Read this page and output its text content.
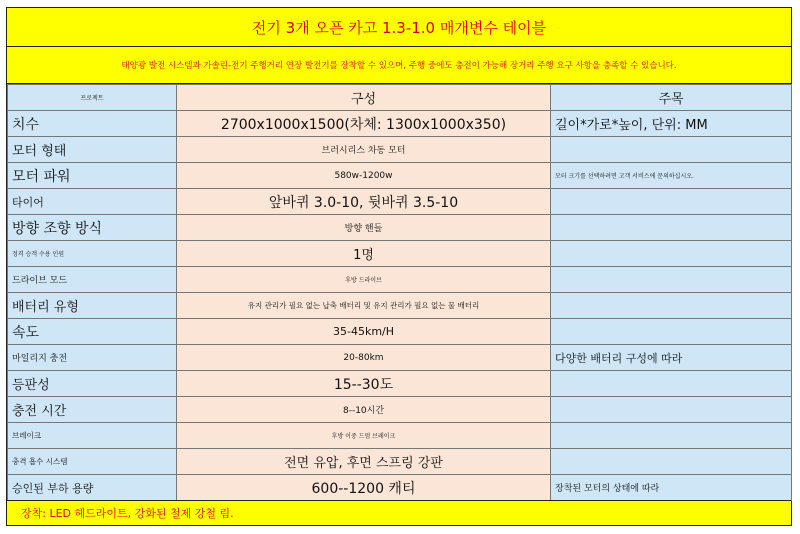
전기 3개 오픈 카고 1.3-1.0 매개변수 테이블
태양광 발전 시스템과 가솔린-전기 주행거리 연장 발전기를 장착할 수 있으며, 주행 중에도 충전이 가능해 장거리 주행 요구 사항을 충족할 수 있습니다.
프로젝트	구성	주목
치수	2700x1000x1500(차체: 1300x1000x350)	길이*가로*높이, 단위: MM
모터 형태	브러시리스 차동 모터	
모터 파워	580w-1200w	모터 크기를 선택하려면 고객 서비스에 문의하십시오.
타이어	앞바퀴 3.0-10, 뒷바퀴 3.5-10	
방향 조향 방식	방향 핸들	
정격 승객 수용 인원	1명	
드라이브 모드	후방 드라이브	
배터리 유형	유지 관리가 필요 없는 납축 배터리 및 유지 관리가 필요 없는 물 배터리	
속도	35-45km/H	
마일리지 충전	20-80km	다양한 배터리 구성에 따라
등판성	15--30도	
충전 시간	8--10시간	
브레이크	후방 이중 드럼 브레이크	
충격 흡수 시스템	전면 유압, 후면 스프링 강판	
승인된 부하 용량	600--1200 캐티	장착된 모터의 상태에 따라
장착: LED 헤드라이트, 강화된 철제 강철 림.
